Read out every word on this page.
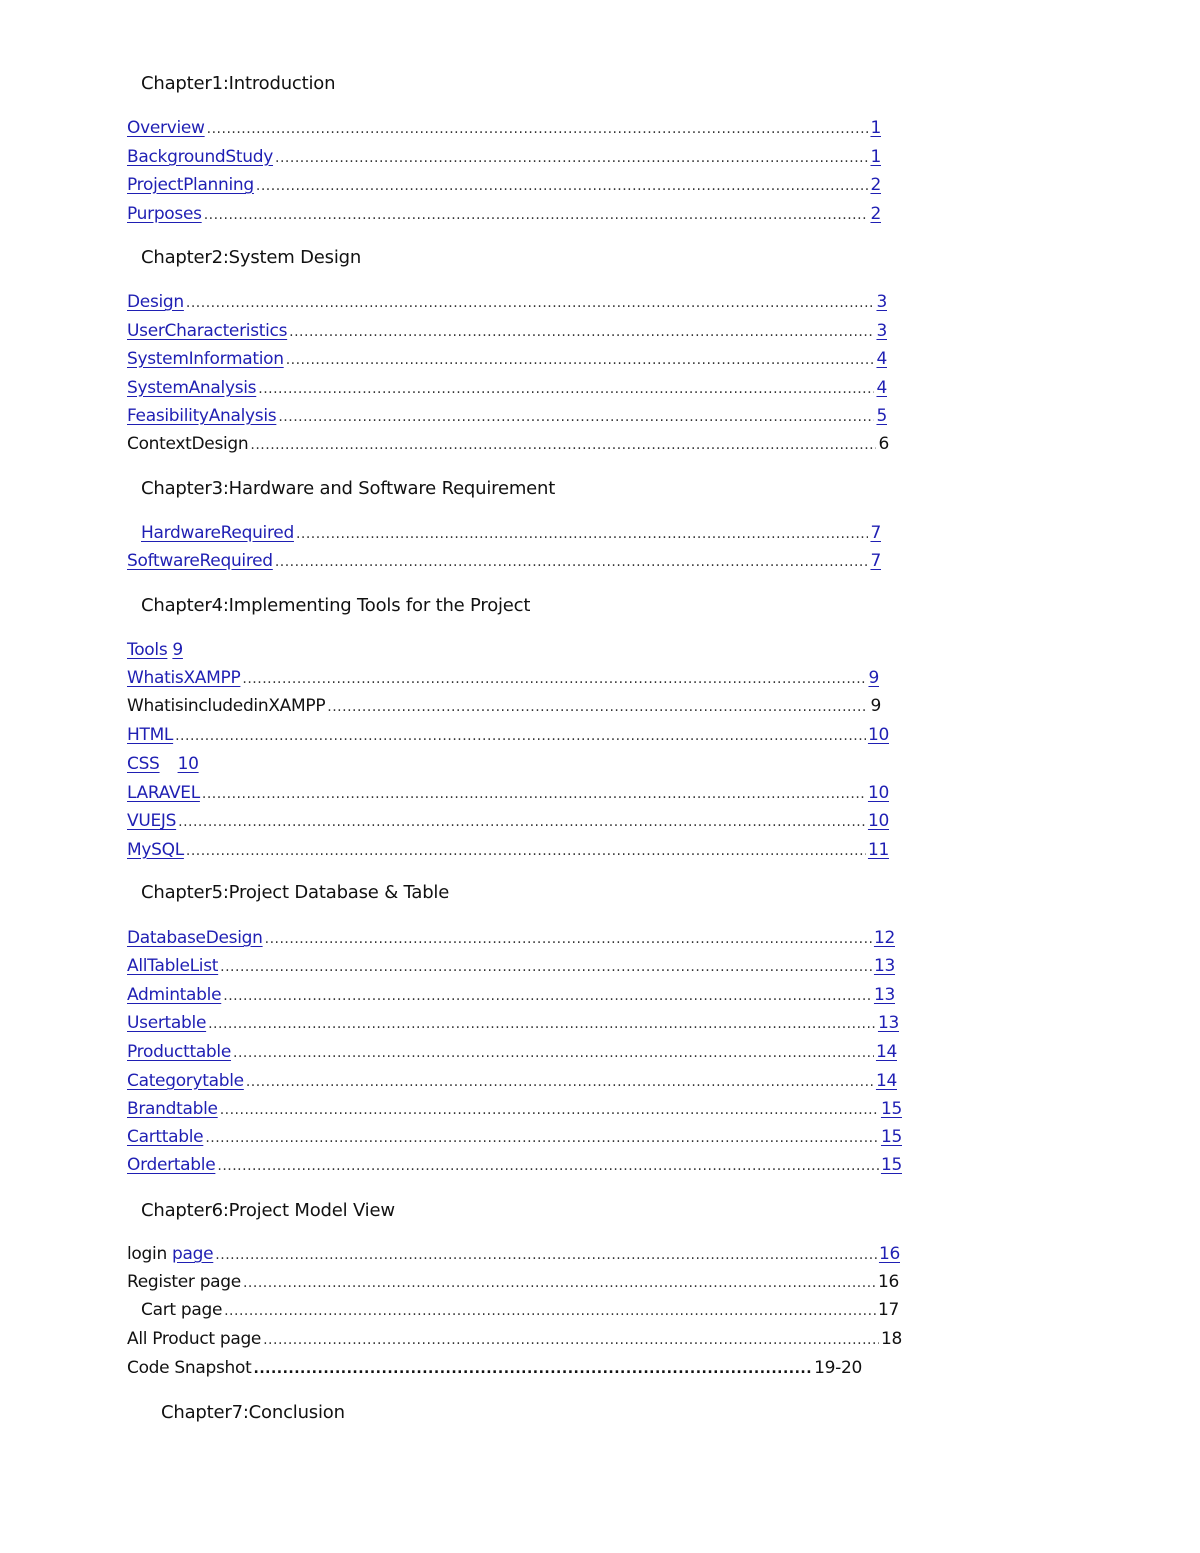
Chapter1:Introduction
Overview .....	1
BackgroundStudy .....	1
ProjectPlanning .....	2
Purposes .....	2
Chapter2:System Design
Design .....	3
UserCharacteristics .....	3
SystemInformation .....	4
SystemAnalysis .....	4
FeasibilityAnalysis .....	5
ContextDesign .....	6
Chapter3:Hardware and Software Requirement
HardwareRequired .....	7
SoftwareRequired .....	7
Chapter4:Implementing Tools for the Project
Tools 9
WhatisXAMPP .....	9
WhatisincludedinXAMPP .....	9
HTML .....	10
CSS 10
LARAVEL .....	10
VUEJS .....	10
MySQL .....	11
Chapter5:Project Database & Table
DatabaseDesign .....	12
AllTableList .....	13
Admintable .....	13
Usertable .....	13
Producttable .....	14
Categorytable .....	14
Brandtable .....	15
Carttable .....	15
Ordertable .....	15
Chapter6:Project Model View
login page .....	16
Register page .....	16
Cart page .....	17
All Product page .....	18
Code Snapshot .....	19-20
Chapter7:Conclusion
